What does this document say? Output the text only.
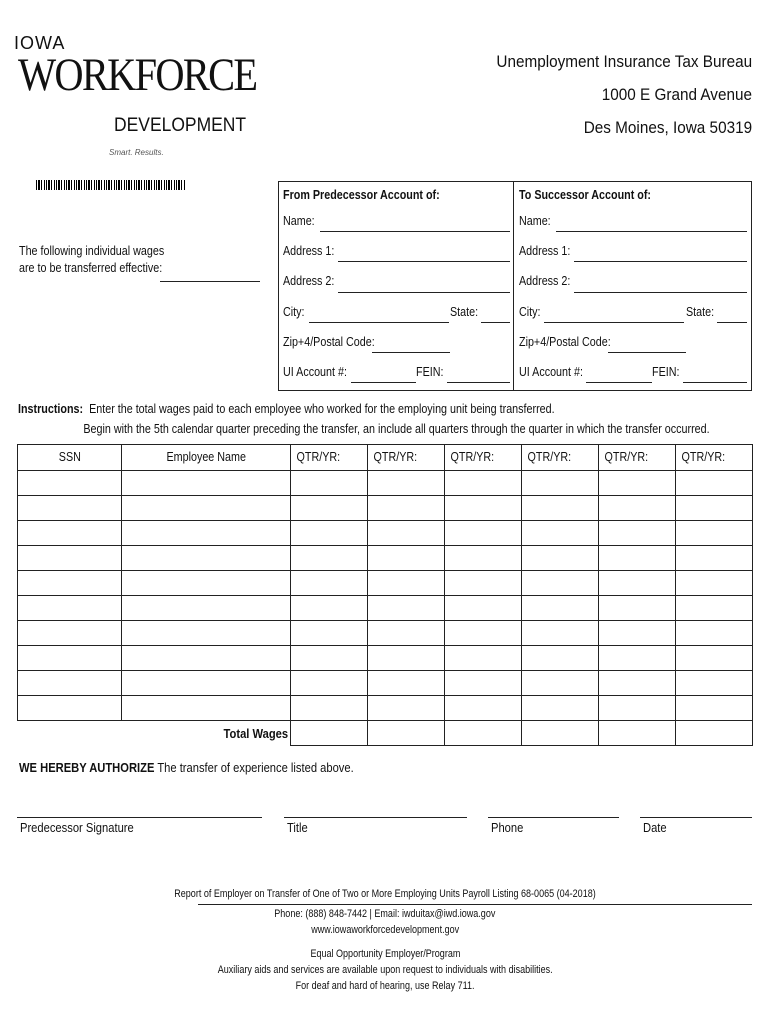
IOWA
WORKFORCE
DEVELOPMENT
Smart. Results.
Unemployment Insurance Tax Bureau
1000 E Grand Avenue
Des Moines, Iowa 50319
The following individual wages
are to be transferred effective:
From Predecessor Account of:
Name:
Address 1:
Address 2:
City:	State:
Zip+4/Postal Code:
UI Account #:	FEIN:
To Successor Account of:
Name:
Address 1:
Address 2:
City:	State:
Zip+4/Postal Code:
UI Account #:	FEIN:
Instructions: Enter the total wages paid to each employee who worked for the employing unit being transferred.
Begin with the 5th calendar quarter preceding the transfer, an include all quarters through the quarter in which the transfer occurred.
SSN	Employee Name	QTR/YR:	QTR/YR:	QTR/YR:	QTR/YR:	QTR/YR:	QTR/YR:

Total Wages							
WE HEREBY AUTHORIZE The transfer of experience listed above.
Predecessor Signature	Title	Phone	Date
Report of Employer on Transfer of One of Two or More Employing Units Payroll Listing 68-0065 (04-2018)
Phone: (888) 848-7442 | Email: iwduitax@iwd.iowa.gov
www.iowaworkforcedevelopment.gov
Equal Opportunity Employer/Program
Auxiliary aids and services are available upon request to individuals with disabilities.
For deaf and hard of hearing, use Relay 711.
